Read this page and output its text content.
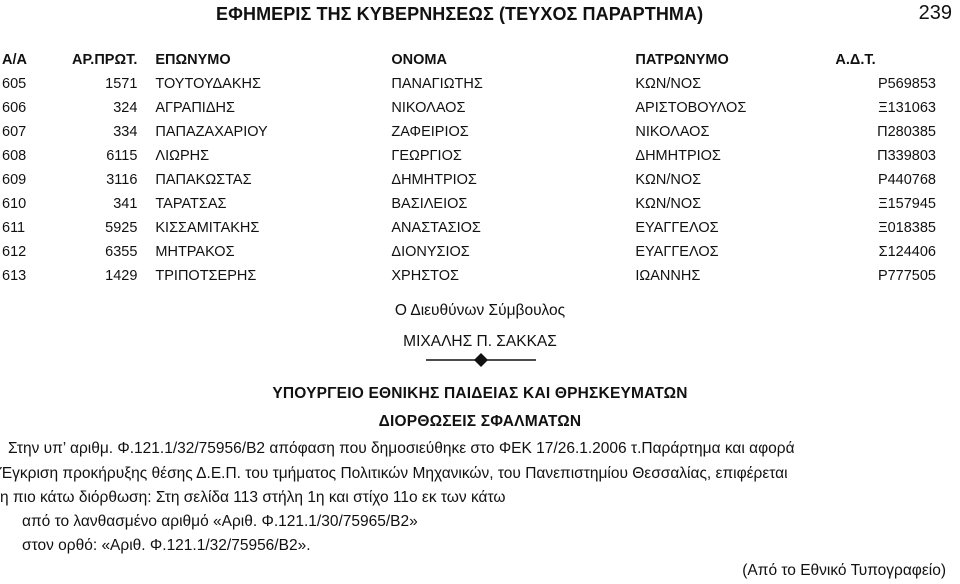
ΕΦΗΜΕΡΙΣ ΤΗΣ ΚΥΒΕΡΝΗΣΕΩΣ (ΤΕΥΧΟΣ ΠΑΡΑΡΤΗΜΑ)	239
Α/Α	ΑΡ.ΠΡΩΤ.	ΕΠΩΝΥΜΟ	ΟΝΟΜΑ	ΠΑΤΡΩΝΥΜΟ	Α.Δ.Τ.
605	1571	ΤΟΥΤΟΥΔΑΚΗΣ	ΠΑΝΑΓΙΩΤΗΣ	ΚΩΝ/ΝΟΣ	Ρ569853
606	324	ΑΓΡΑΠΙΔΗΣ	ΝΙΚΟΛΑΟΣ	ΑΡΙΣΤΟΒΟΥΛΟΣ	Ξ131063
607	334	ΠΑΠΑΖΑΧΑΡΙΟΥ	ΖΑΦΕΙΡΙΟΣ	ΝΙΚΟΛΑΟΣ	Π280385
608	6115	ΛΙΩΡΗΣ	ΓΕΩΡΓΙΟΣ	ΔΗΜΗΤΡΙΟΣ	Π339803
609	3116	ΠΑΠΑΚΩΣΤΑΣ	ΔΗΜΗΤΡΙΟΣ	ΚΩΝ/ΝΟΣ	Ρ440768
610	341	ΤΑΡΑΤΣΑΣ	ΒΑΣΙΛΕΙΟΣ	ΚΩΝ/ΝΟΣ	Ξ157945
611	5925	ΚΙΣΣΑΜΙΤΑΚΗΣ	ΑΝΑΣΤΑΣΙΟΣ	ΕΥΑΓΓΕΛΟΣ	Ξ018385
612	6355	ΜΗΤΡΑΚΟΣ	ΔΙΟΝΥΣΙΟΣ	ΕΥΑΓΓΕΛΟΣ	Σ124406
613	1429	ΤΡΙΠΟΤΣΕΡΗΣ	ΧΡΗΣΤΟΣ	ΙΩΑΝΝΗΣ	Ρ777505
Ο Διευθύνων Σύμβουλος
ΜΙΧΑΛΗΣ Π. ΣΑΚΚΑΣ
ΥΠΟΥΡΓΕΙΟ ΕΘΝΙΚΗΣ ΠΑΙΔΕΙΑΣ ΚΑΙ ΘΡΗΣΚΕΥΜΑΤΩΝ
ΔΙΟΡΘΩΣΕΙΣ ΣΦΑΛΜΑΤΩΝ
Στην υπ’ αριθμ. Φ.121.1/32/75956/Β2 απόφαση που δημοσιεύθηκε στο ΦΕΚ 17/26.1.2006 τ.Παράρτημα και αφορά
Έγκριση προκήρυξης θέσης Δ.Ε.Π. του τμήματος Πολιτικών Μηχανικών, του Πανεπιστημίου Θεσσαλίας, επιφέρεται
η πιο κάτω διόρθωση: Στη σελίδα 113 στήλη 1η και στίχο 11ο εκ των κάτω
από το λανθασμένο αριθμό «Αριθ. Φ.121.1/30/75965/Β2»
στον ορθό: «Αριθ. Φ.121.1/32/75956/Β2».
(Από το Εθνικό Τυπογραφείο)
